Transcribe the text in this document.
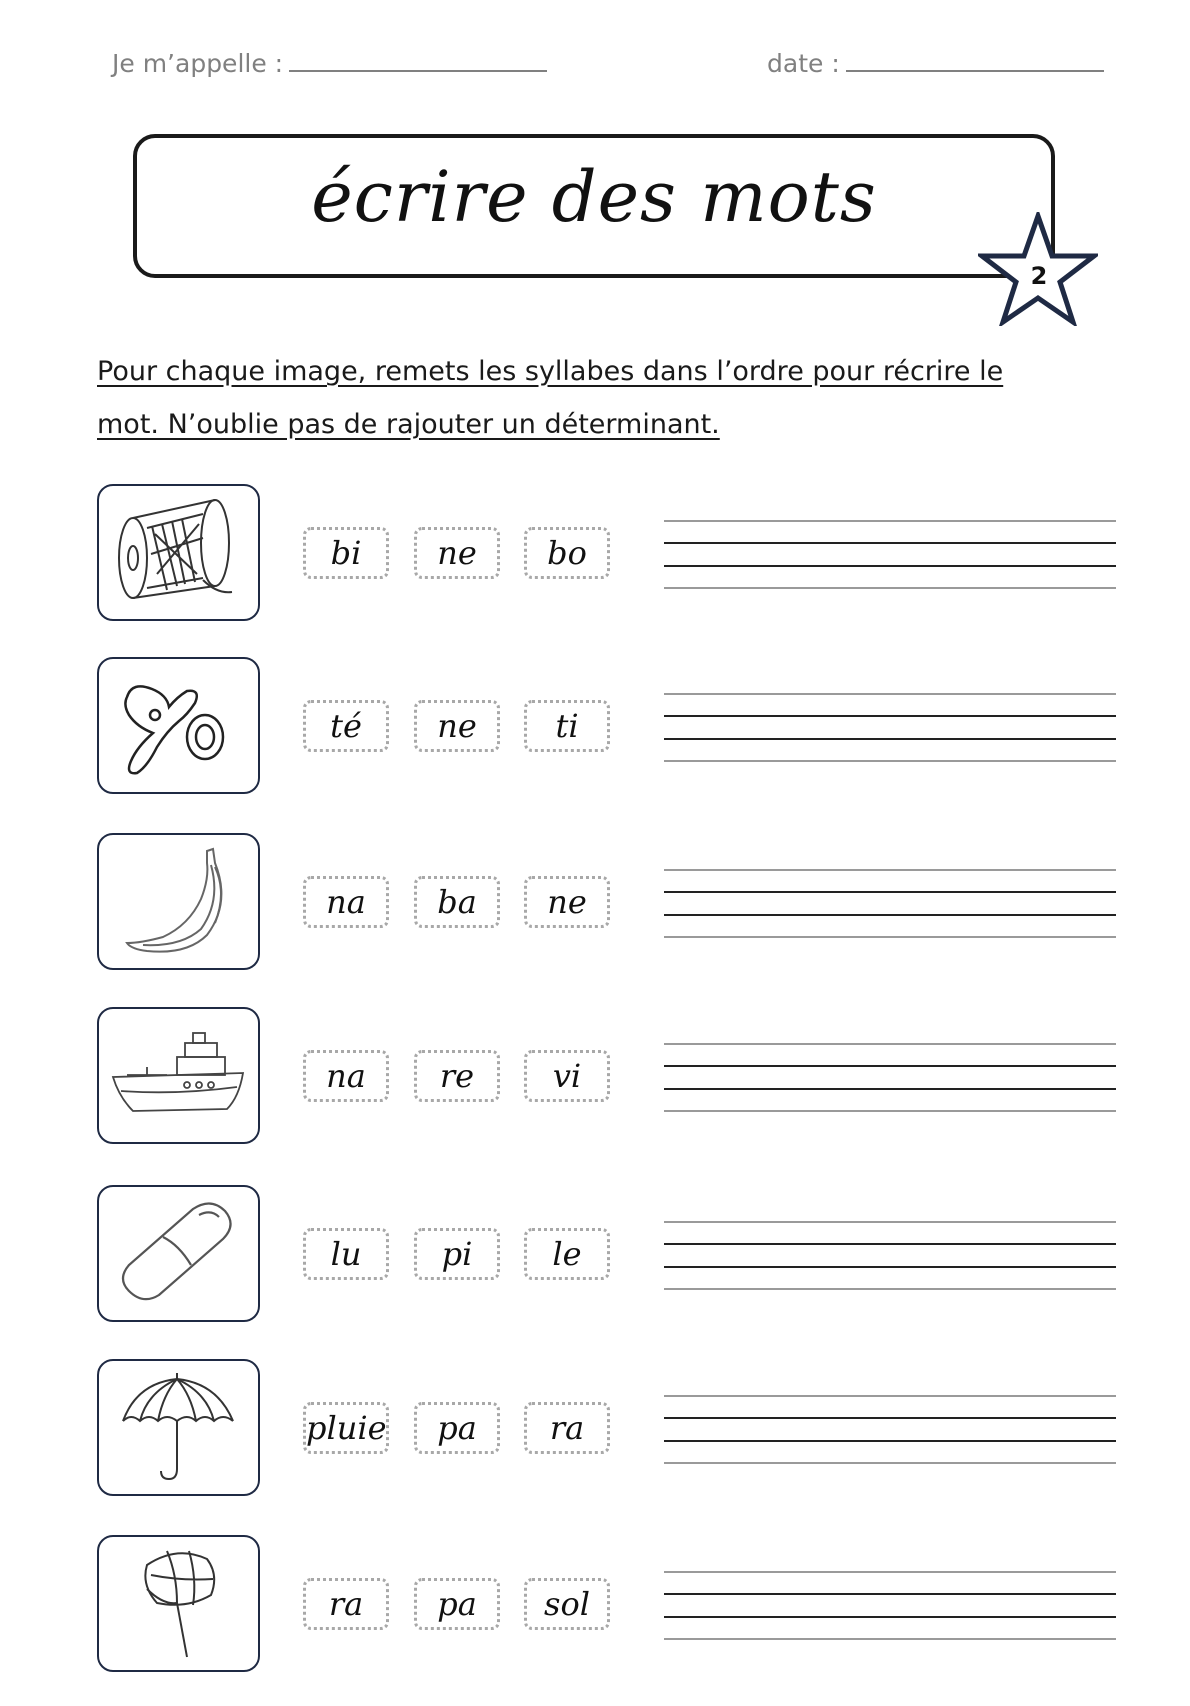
Je m’appelle :	date :
écrire des mots
2
Pour chaque image, remets les syllabes dans l’ordre pour récrire le mot. N’oublie pas de rajouter un déterminant.
bi	ne	bo
té	ne	ti
na	ba	ne
na	re	vi
lu	pi	le
pluie	pa	ra
ra	pa	sol
